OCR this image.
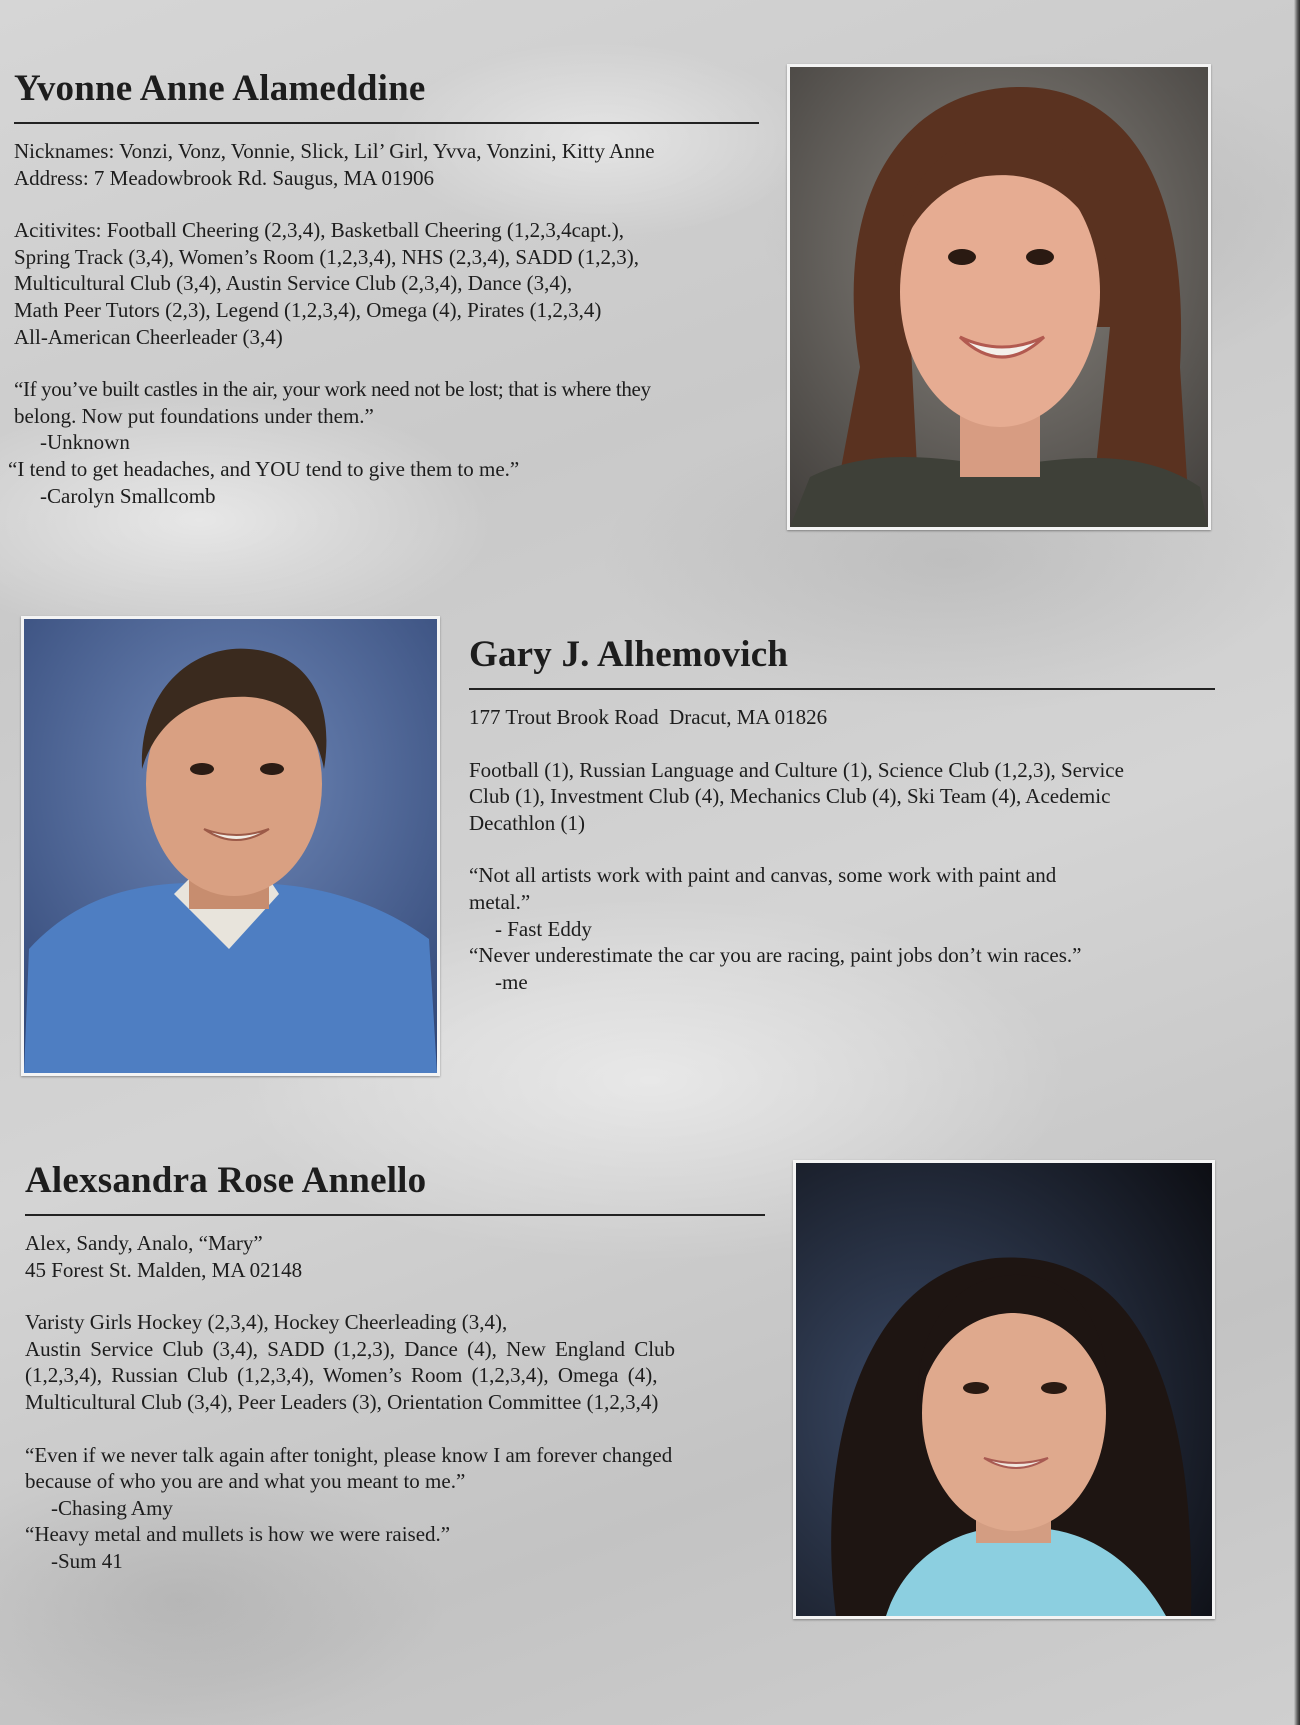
Yvonne Anne Alameddine

Nicknames: Vonzi, Vonz, Vonnie, Slick, Lil’ Girl, Yvva, Vonzini, Kitty Anne

Address: 7 Meadowbrook Rd. Saugus, MA 01906

Acitivites: Football Cheering (2,3,4), Basketball Cheering (1,2,3,4capt.),

Spring Track (3,4), Women’s Room (1,2,3,4), NHS (2,3,4), SADD (1,2,3),

Multicultural Club (3,4), Austin Service Club (2,3,4), Dance (3,4),

Math Peer Tutors (2,3), Legend (1,2,3,4), Omega (4), Pirates (1,2,3,4)

All-American Cheerleader (3,4)

“If you’ve built castles in the air, your work need not be lost; that is where they

belong. Now put foundations under them.”

-Unknown

“I tend to get headaches, and YOU tend to give them to me.”

-Carolyn Smallcomb

Gary J. Alhemovich

177 Trout Brook Road  Dracut, MA 01826

Football (1), Russian Language and Culture (1), Science Club (1,2,3), Service

Club (1), Investment Club (4), Mechanics Club (4), Ski Team (4), Acedemic

Decathlon (1)

“Not all artists work with paint and canvas, some work with paint and

metal.”

- Fast Eddy

“Never underestimate the car you are racing, paint jobs don’t win races.”

-me

Alexsandra Rose Annello

Alex, Sandy, Analo, “Mary”

45 Forest St. Malden, MA 02148

Varisty Girls Hockey (2,3,4), Hockey Cheerleading (3,4),

Austin Service Club (3,4), SADD (1,2,3), Dance (4), New England Club

(1,2,3,4), Russian Club (1,2,3,4), Women’s Room (1,2,3,4), Omega (4),

Multicultural Club (3,4), Peer Leaders (3), Orientation Committee (1,2,3,4)

“Even if we never talk again after tonight, please know I am forever changed

because of who you are and what you meant to me.”

-Chasing Amy

“Heavy metal and mullets is how we were raised.”

-Sum 41
